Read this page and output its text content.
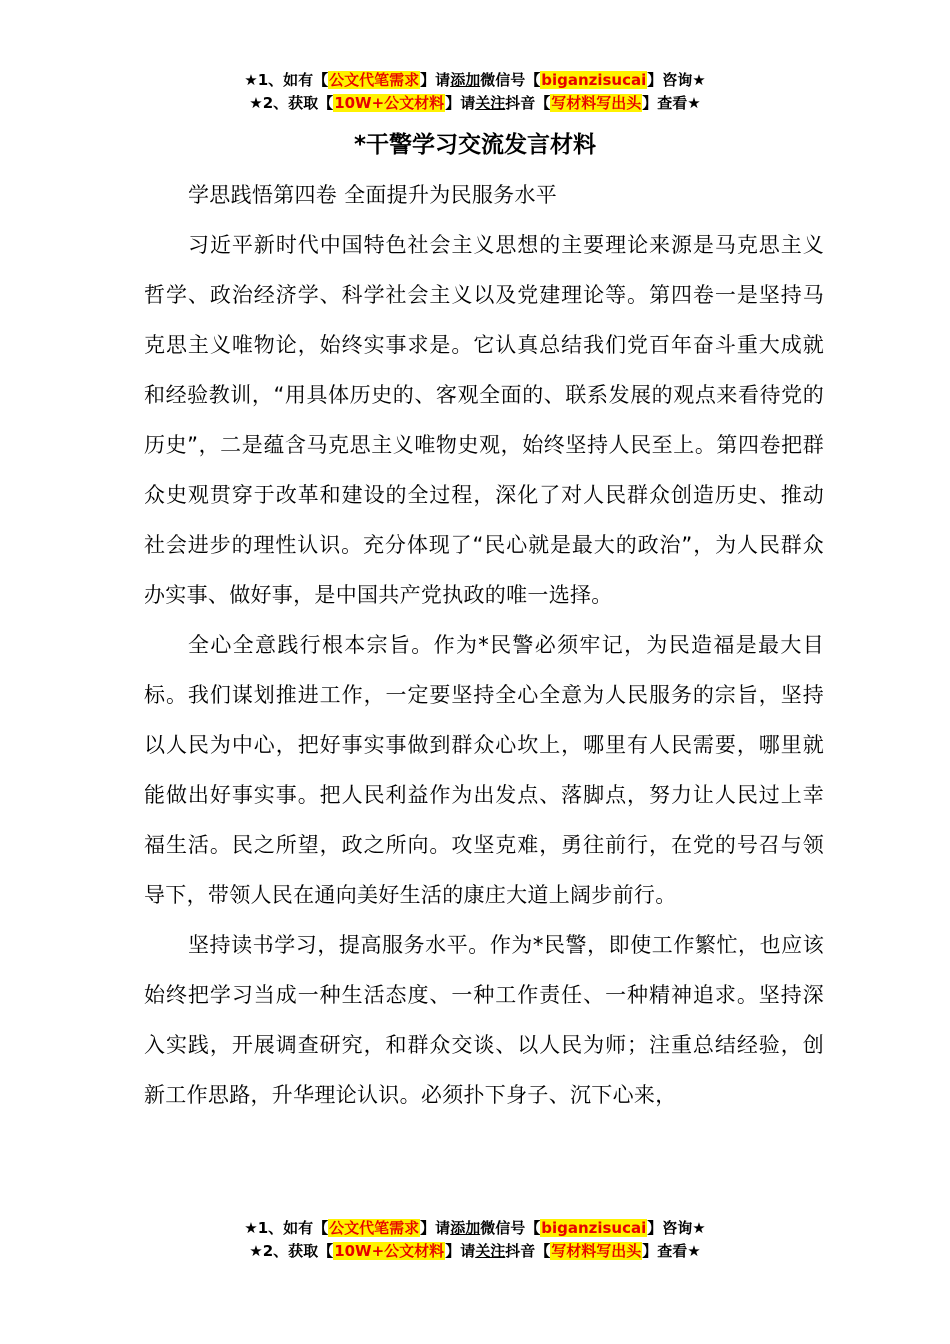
★1、如有【公文代笔需求】请添加微信号【biganzisucai】咨询★
★2、获取【10W+公文材料】请关注抖音【写材料写出头】查看★
*干警学习交流发言材料

学思践悟第四卷 全面提升为民服务水平

习近平新时代中国特色社会主义思想的主要理论来源是马克思主义哲学、政治经济学、科学社会主义以及党建理论等。第四卷一是坚持马克思主义唯物论，始终实事求是。它认真总结我们党百年奋斗重大成就和经验教训，“用具体历史的、客观全面的、联系发展的观点来看待党的历史”，二是蕴含马克思主义唯物史观，始终坚持人民至上。第四卷把群众史观贯穿于改革和建设的全过程，深化了对人民群众创造历史、推动社会进步的理性认识。充分体现了“民心就是最大的政治”，为人民群众办实事、做好事，是中国共产党执政的唯一选择。

全心全意践行根本宗旨。作为*民警必须牢记，为民造福是最大目标。我们谋划推进工作，一定要坚持全心全意为人民服务的宗旨，坚持以人民为中心，把好事实事做到群众心坎上，哪里有人民需要，哪里就能做出好事实事。把人民利益作为出发点、落脚点，努力让人民过上幸福生活。民之所望，政之所向。攻坚克难，勇往前行，在党的号召与领导下，带领人民在通向美好生活的康庄大道上阔步前行。

坚持读书学习，提高服务水平。作为*民警，即使工作繁忙，也应该始终把学习当成一种生活态度、一种工作责任、一种精神追求。坚持深入实践，开展调查研究，和群众交谈、以人民为师；注重总结经验，创新工作思路，升华理论认识。必须扑下身子、沉下心来，

★1、如有【公文代笔需求】请添加微信号【biganzisucai】咨询★
★2、获取【10W+公文材料】请关注抖音【写材料写出头】查看★
